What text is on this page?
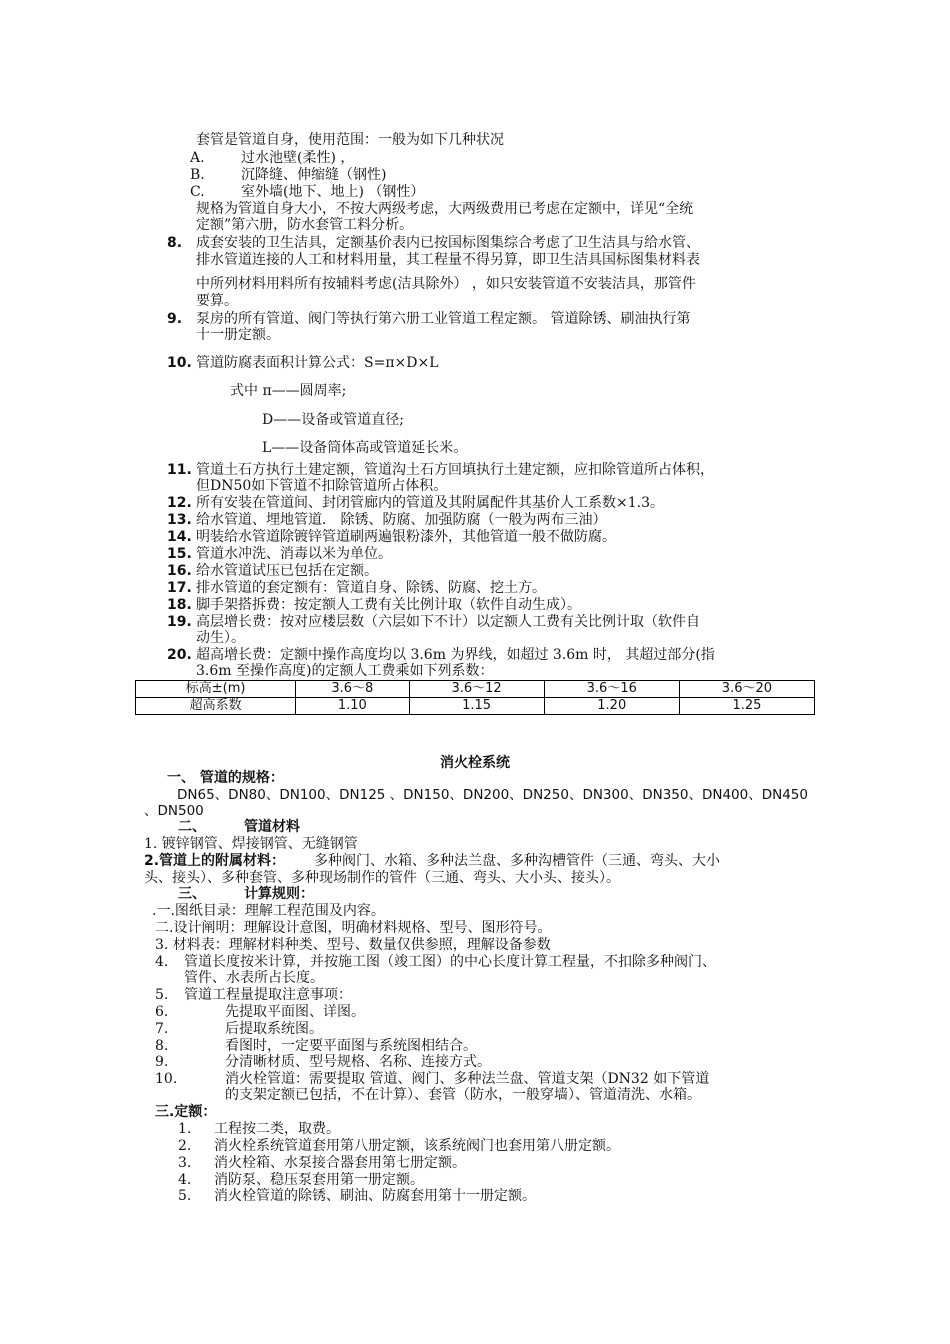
套管是管道自身，使用范围：一般为如下几种状况
A.	过水池壁(柔性) ，
B.	沉降缝、伸缩缝（钢性)
C.	室外墙(地下、地上) （钢性）
规格为管道自身大小，不按大两级考虑，大两级费用已考虑在定额中，详见“全统
定额”第六册，防水套管工料分析。
8. 成套安装的卫生洁具，定额基价表内已按国标图集综合考虑了卫生洁具与给水管、
排水管道连接的人工和材料用量，其工程量不得另算，即卫生洁具国标图集材料表
中所列材料用料所有按辅料考虑(洁具除外） ，如只安装管道不安装洁具，那管件
要算。
9. 泵房的所有管道、阀门等执行第六册工业管道工程定额。 管道除锈、刷油执行第
十一册定额。
10. 管道防腐表面积计算公式：S=π×D×L
式中 π——圆周率;
D——设备或管道直径;
L——设备筒体高或管道延长米。
11. 管道土石方执行土建定额，管道沟土石方回填执行土建定额，应扣除管道所占体积，
但DN50如下管道不扣除管道所占体积。
12. 所有安装在管道间、封闭管廊内的管道及其附属配件其基价人工系数×1.3。
13. 给水管道、埋地管道． 除锈、防腐、加强防腐（一般为两布三油）
14. 明装给水管道除镀锌管道刷两遍银粉漆外，其他管道一般不做防腐。
15. 管道水冲洗、消毒以米为单位。
16. 给水管道试压已包括在定额。
17. 排水管道的套定额有：管道自身、除锈、防腐、挖土方。
18. 脚手架搭拆费：按定额人工费有关比例计取（软件自动生成）。
19. 高层增长费：按对应楼层数（六层如下不计）以定额人工费有关比例计取（软件自
动生）。
20. 超高增长费：定额中操作高度均以 3.6m 为界线，如超过 3.6m 时， 其超过部分(指
3.6m 至操作高度)的定额人工费乘如下列系数：
标高±(m)	3.6～8	3.6～12	3.6～16	3.6～20
超高系数	1.10	1.15	1.20	1.25
消火栓系统
一、 管道的规格：
DN65、DN80、DN100、DN125 、DN150、DN200、DN250、DN300、DN350、DN400、DN450
、DN500
二、	管道材料
1. 镀锌钢管、焊接钢管、无缝钢管
2.管道上的附属材料： 多种阀门、水箱、多种法兰盘、多种沟槽管件（三通、弯头、大小
头、接头）、多种套管、多种现场制作的管件（三通、弯头、大小头、接头）。
三、	计算规则：
.一.图纸目录：理解工程范围及内容。
二.设计阐明：理解设计意图，明确材料规格、型号、图形符号。
3. 材料表：理解材料种类、型号、数量仅供参照，理解设备参数
4. 管道长度按米计算，并按施工图（竣工图）的中心长度计算工程量，不扣除多种阀门、
管件、水表所占长度。
5. 管道工程量提取注意事项：
6.	先提取平面图、详图。
7.	后提取系统图。
8.	看图时，一定要平面图与系统图相结合。
9.	分清晰材质、型号规格、名称、连接方式。
10.	消火栓管道：需要提取 管道、阀门、多种法兰盘、管道支架（DN32 如下管道
的支架定额已包括，不在计算）、套管（防水，一般穿墙）、管道清洗、水箱。
三.定额：
1. 工程按二类，取费。
2. 消火栓系统管道套用第八册定额，该系统阀门也套用第八册定额。
3. 消火栓箱、水泵接合器套用第七册定额。
4. 消防泵、稳压泵套用第一册定额。
5. 消火栓管道的除锈、刷油、防腐套用第十一册定额。
